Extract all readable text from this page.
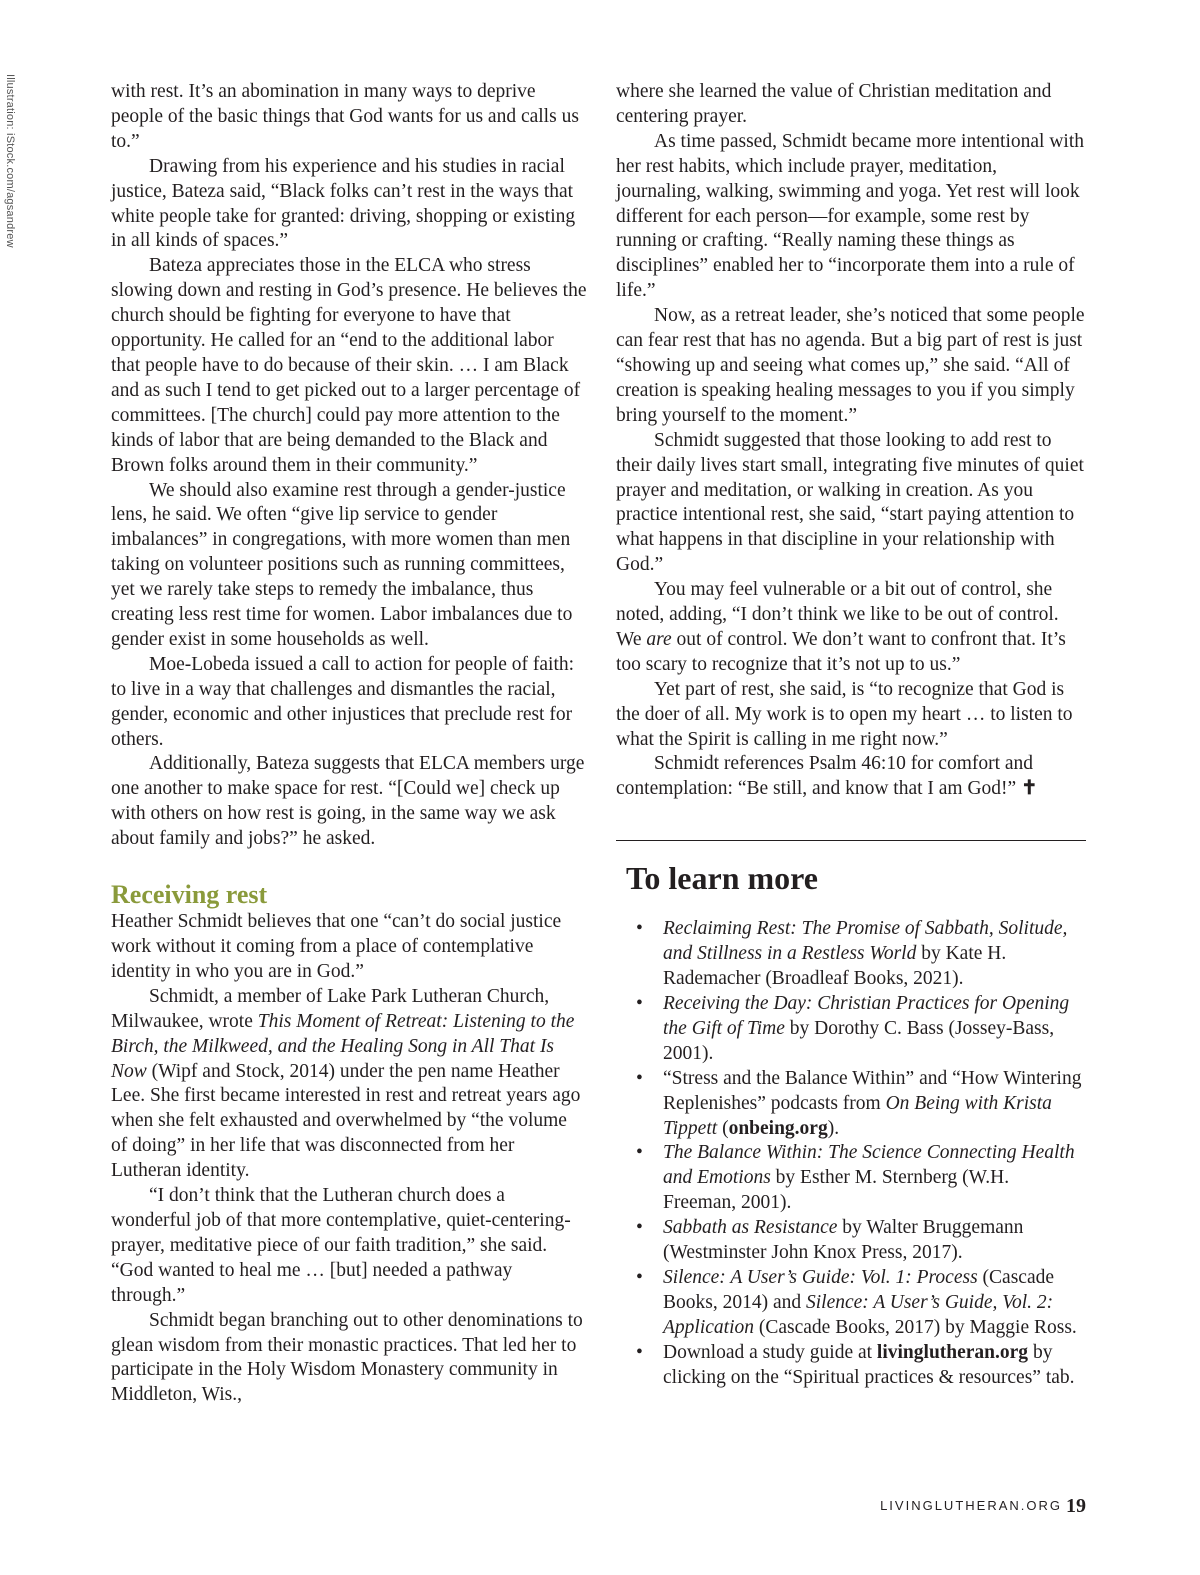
Illustration: iStock.com/agsandrew	with rest. It’s an abomination in many ways to deprive people of the basic things that God wants for us and calls us to.”

Drawing from his experience and his studies in racial justice, Bateza said, “Black folks can’t rest in the ways that white people take for granted: driving, shopping or existing in all kinds of spaces.”

Bateza appreciates those in the ELCA who stress slowing down and resting in God’s presence. He believes the church should be fighting for everyone to have that opportunity. He called for an “end to the additional labor that people have to do because of their skin. … I am Black and as such I tend to get picked out to a larger percentage of committees. [The church] could pay more attention to the kinds of labor that are being demanded to the Black and Brown folks around them in their community.”

We should also examine rest through a gender-justice lens, he said. We often “give lip service to gender imbalances” in congregations, with more women than men taking on volunteer positions such as running committees, yet we rarely take steps to remedy the imbalance, thus creating less rest time for women. Labor imbalances due to gender exist in some households as well.

Moe-Lobeda issued a call to action for people of faith: to live in a way that challenges and dismantles the racial, gender, economic and other injustices that preclude rest for others.

Additionally, Bateza suggests that ELCA members urge one another to make space for rest. “[Could we] check up with others on how rest is going, in the same way we ask about family and jobs?” he asked.

Receiving rest

Heather Schmidt believes that one “can’t do social justice work without it coming from a place of contemplative identity in who you are in God.”

Schmidt, a member of Lake Park Lutheran Church, Milwaukee, wrote This Moment of Retreat: Listening to the Birch, the Milkweed, and the Healing Song in All That Is Now (Wipf and Stock, 2014) under the pen name Heather Lee. She first became interested in rest and retreat years ago when she felt exhausted and overwhelmed by “the volume of doing” in her life that was disconnected from her Lutheran identity.

“I don’t think that the Lutheran church does a wonderful job of that more contemplative, quiet-centering-prayer, meditative piece of our faith tradition,” she said. “God wanted to heal me … [but] needed a pathway through.”

Schmidt began branching out to other denominations to glean wisdom from their monastic practices. That led her to participate in the Holy Wisdom Monastery community in Middleton, Wis.,

where she learned the value of Christian meditation and centering prayer.

As time passed, Schmidt became more intentional with her rest habits, which include prayer, meditation, journaling, walking, swimming and yoga. Yet rest will look different for each person—for example, some rest by running or crafting. “Really naming these things as disciplines” enabled her to “incorporate them into a rule of life.”

Now, as a retreat leader, she’s noticed that some people can fear rest that has no agenda. But a big part of rest is just “showing up and seeing what comes up,” she said. “All of creation is speaking healing messages to you if you simply bring yourself to the moment.”

Schmidt suggested that those looking to add rest to their daily lives start small, integrating five minutes of quiet prayer and meditation, or walking in creation. As you practice intentional rest, she said, “start paying attention to what happens in that discipline in your relationship with God.”

You may feel vulnerable or a bit out of control, she noted, adding, “I don’t think we like to be out of control. We are out of control. We don’t want to confront that. It’s too scary to recognize that it’s not up to us.”

Yet part of rest, she said, is “to recognize that God is the doer of all. My work is to open my heart … to listen to what the Spirit is calling in me right now.”

Schmidt references Psalm 46:10 for comfort and contemplation: “Be still, and know that I am God!” ✝

To learn more
• Reclaiming Rest: The Promise of Sabbath, Solitude, and Stillness in a Restless World by Kate H. Rademacher (Broadleaf Books, 2021).
• Receiving the Day: Christian Practices for Opening the Gift of Time by Dorothy C. Bass (Jossey-Bass, 2001).
• “Stress and the Balance Within” and “How Wintering Replenishes” podcasts from On Being with Krista Tippett (onbeing.org).
• The Balance Within: The Science Connecting Health and Emotions by Esther M. Sternberg (W.H. Freeman, 2001).
• Sabbath as Resistance by Walter Bruggemann (Westminster John Knox Press, 2017).
• Silence: A User’s Guide: Vol. 1: Process (Cascade Books, 2014) and Silence: A User’s Guide, Vol. 2: Application (Cascade Books, 2017) by Maggie Ross.
• Download a study guide at livinglutheran.org by clicking on the “Spiritual practices & resources” tab.
LIVINGLUTHERAN.ORG 19
